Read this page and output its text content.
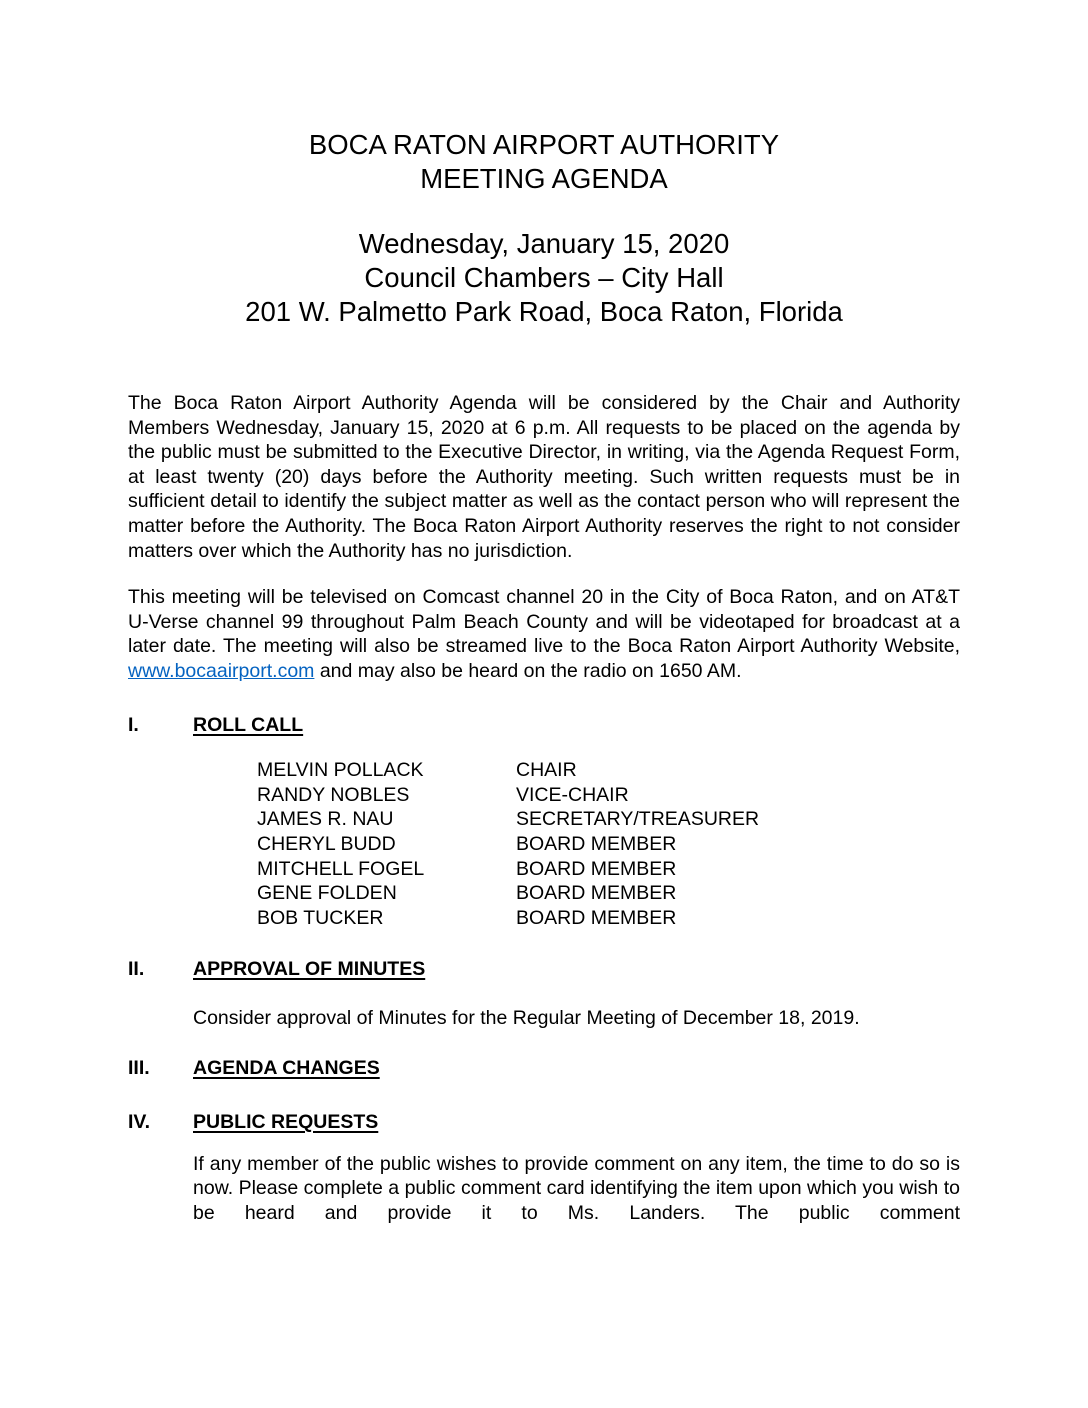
BOCA RATON AIRPORT AUTHORITY
MEETING AGENDA
Wednesday, January 15, 2020
Council Chambers – City Hall
201 W. Palmetto Park Road, Boca Raton, Florida

The Boca Raton Airport Authority Agenda will be considered by the Chair and Authority Members Wednesday, January 15, 2020 at 6 p.m. All requests to be placed on the agenda by the public must be submitted to the Executive Director, in writing, via the Agenda Request Form, at least twenty (20) days before the Authority meeting. Such written requests must be in sufficient detail to identify the subject matter as well as the contact person who will represent the matter before the Authority. The Boca Raton Airport Authority reserves the right to not consider matters over which the Authority has no jurisdiction.

This meeting will be televised on Comcast channel 20 in the City of Boca Raton, and on AT&T U-Verse channel 99 throughout Palm Beach County and will be videotaped for broadcast at a later date. The meeting will also be streamed live to the Boca Raton Airport Authority Website, www.bocaairport.com and may also be heard on the radio on 1650 AM.

I.	ROLL CALL
MELVIN POLLACK	CHAIR
RANDY NOBLES	VICE-CHAIR
JAMES R. NAU	SECRETARY/TREASURER
CHERYL BUDD	BOARD MEMBER
MITCHELL FOGEL	BOARD MEMBER
GENE FOLDEN	BOARD MEMBER
BOB TUCKER	BOARD MEMBER
II.	APPROVAL OF MINUTES

Consider approval of Minutes for the Regular Meeting of December 18, 2019.

III.	AGENDA CHANGES
IV.	PUBLIC REQUESTS

If any member of the public wishes to provide comment on any item, the time to do so is now. Please complete a public comment card identifying the item upon which you wish to be heard and provide it to Ms. Landers. The public comment
